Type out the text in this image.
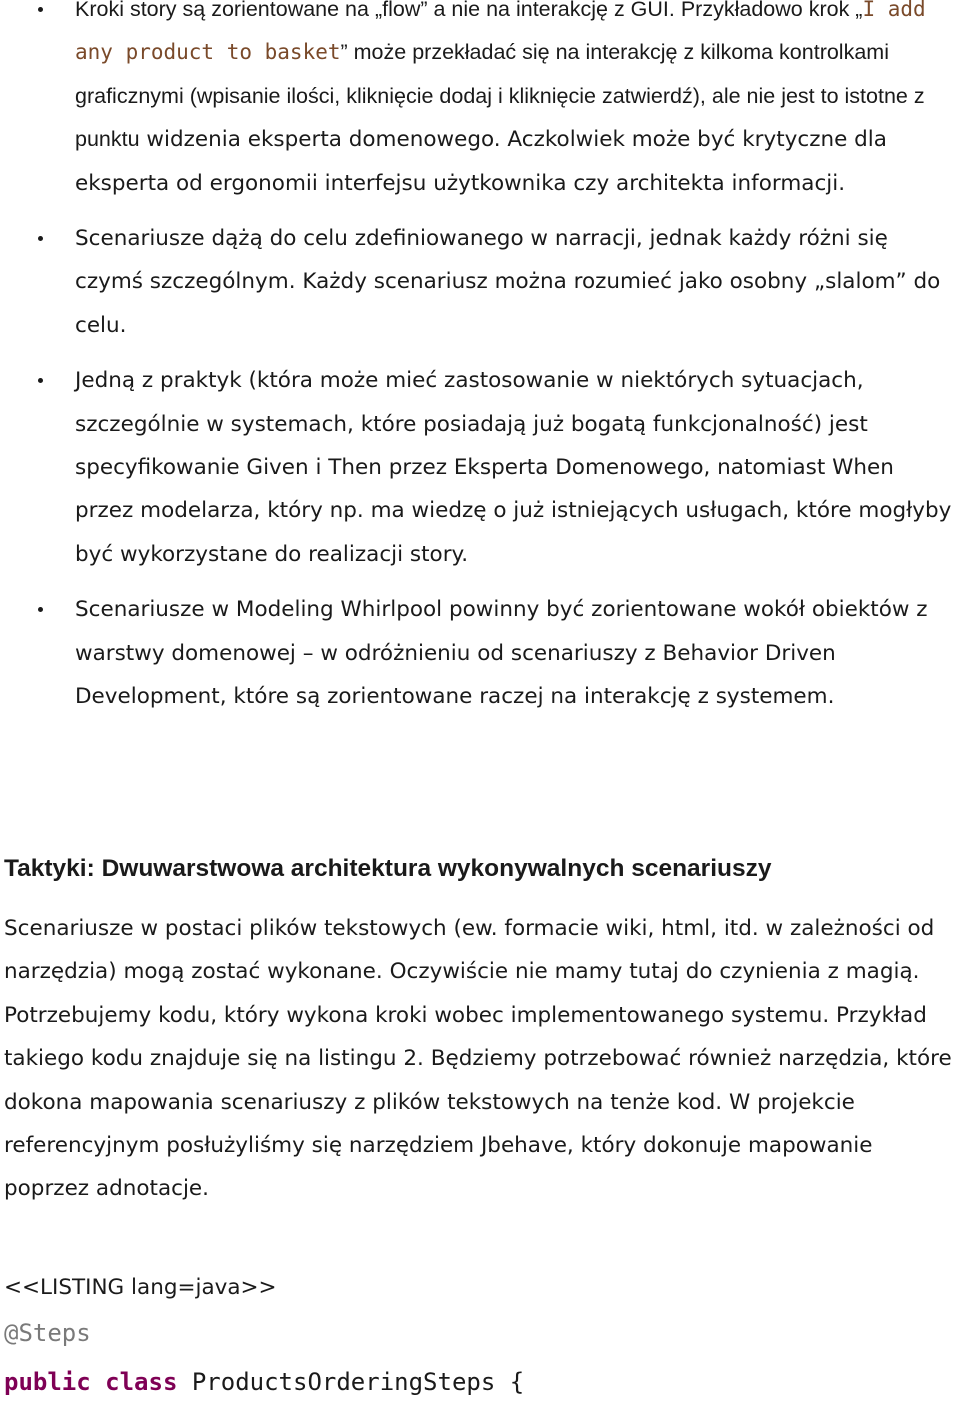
Kroki story są zorientowane na „flow” a nie na interakcję z GUI. Przykładowo krok „I add any product to basket” może przekładać się na interakcję z kilkoma kontrolkami graficznymi (wpisanie ilości, kliknięcie dodaj i kliknięcie zatwierdź), ale nie jest to istotne z punktu widzenia eksperta domenowego. Aczkolwiek może być krytyczne dla eksperta od ergonomii interfejsu użytkownika czy architekta informacji.
Scenariusze dążą do celu zdefiniowanego w narracji, jednak każdy różni się czymś szczególnym. Każdy scenariusz można rozumieć jako osobny „slalom” do celu.
Jedną z praktyk (która może mieć zastosowanie w niektórych sytuacjach, szczególnie w systemach, które posiadają już bogatą funkcjonalność) jest specyfikowanie Given i Then przez Eksperta Domenowego, natomiast When przez modelarza, który np. ma wiedzę o już istniejących usługach, które mogłyby być wykorzystane do realizacji story.
Scenariusze w Modeling Whirlpool powinny być zorientowane wokół obiektów z warstwy domenowej – w odróżnieniu od scenariuszy z Behavior Driven Development, które są zorientowane raczej na interakcję z systemem.
Taktyki: Dwuwarstwowa architektura wykonywalnych scenariuszy

Scenariusze w postaci plików tekstowych (ew. formacie wiki, html, itd. w zależności od narzędzia) mogą zostać wykonane. Oczywiście nie mamy tutaj do czynienia z magią. Potrzebujemy kodu, który wykona kroki wobec implementowanego systemu. Przykład takiego kodu znajduje się na listingu 2. Będziemy potrzebować również narzędzia, które dokona mapowania scenariuszy z plików tekstowych na tenże kod. W projekcie referencyjnym posłużyliśmy się narzędziem Jbehave, który dokonuje mapowanie poprzez adnotacje.

<<LISTING lang=java>>

@Steps
public class ProductsOrderingSteps {
